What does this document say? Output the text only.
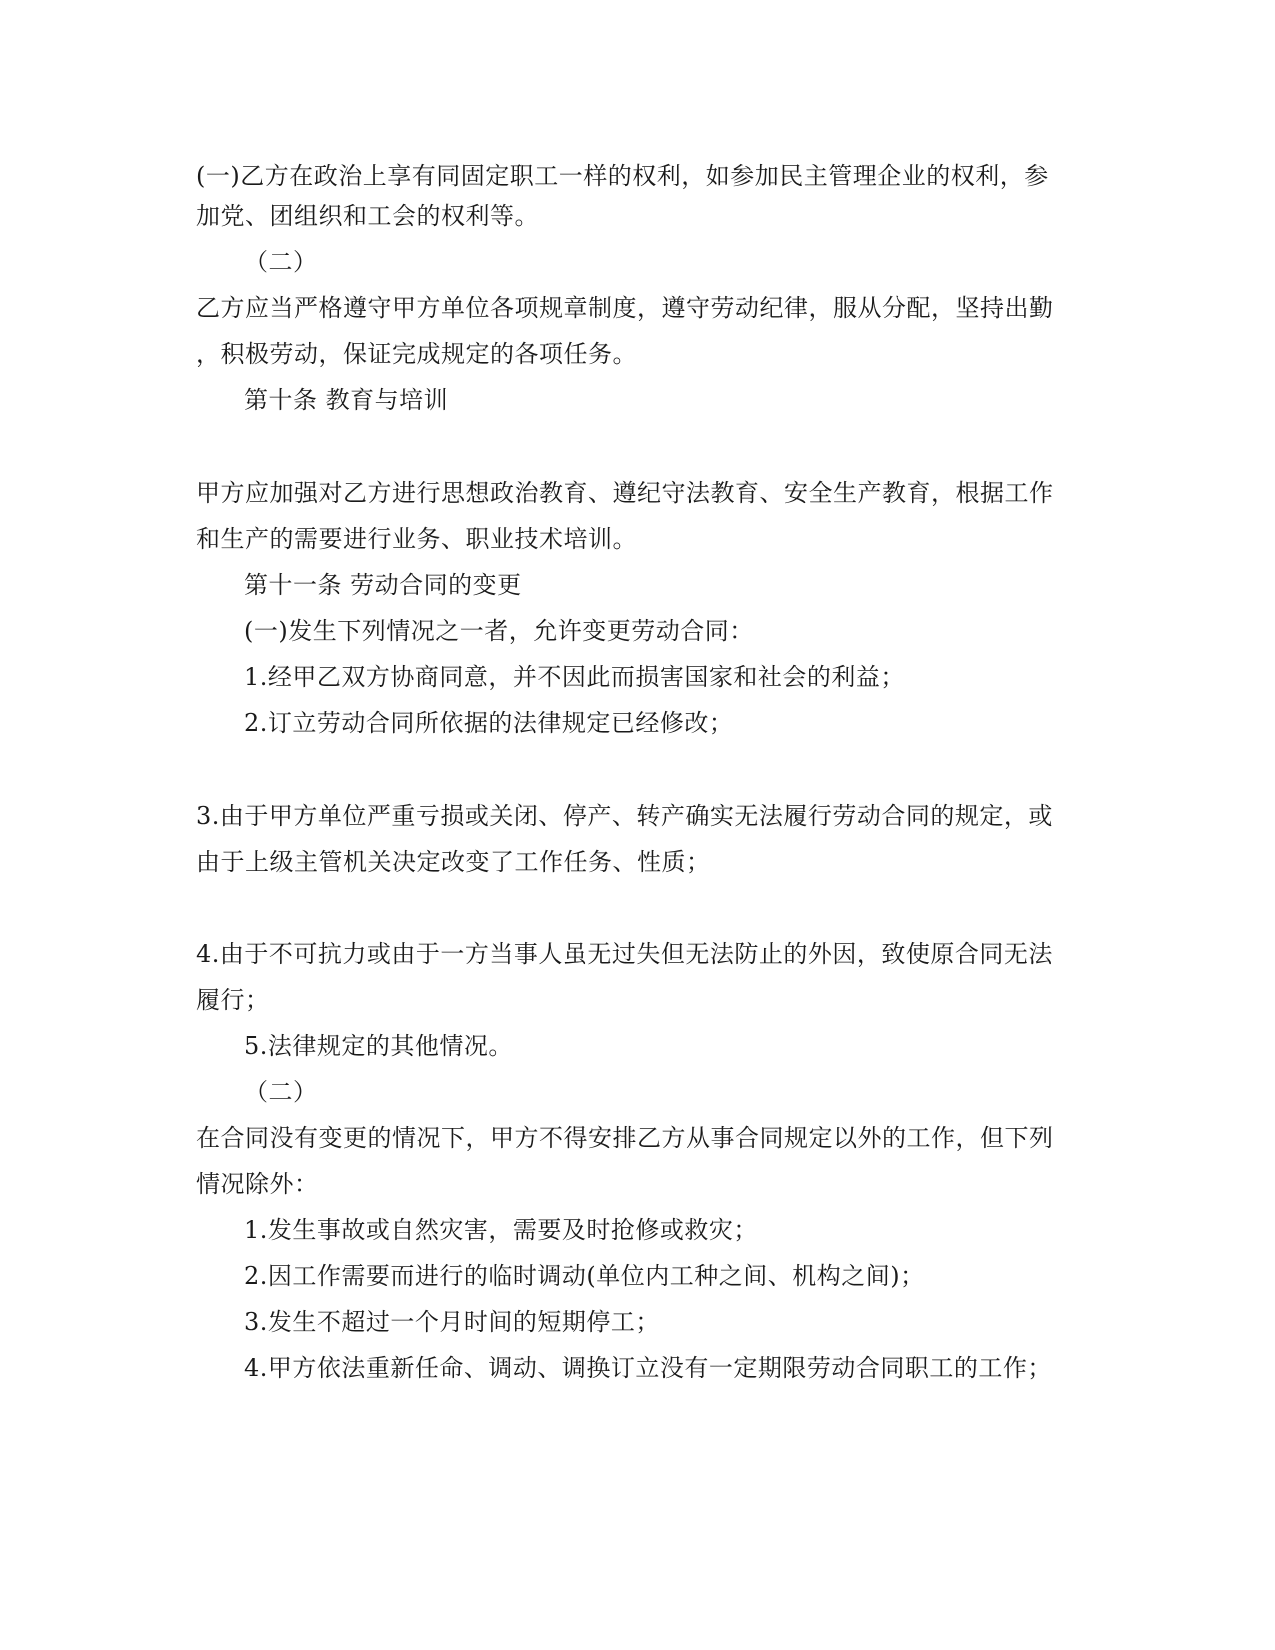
(一)乙方在政治上享有同固定职工一样的权利，如参加民主管理企业的权利，参
加党、团组织和工会的权利等。
（二）
乙方应当严格遵守甲方单位各项规章制度，遵守劳动纪律，服从分配，坚持出勤
，积极劳动，保证完成规定的各项任务。
第十条 教育与培训
甲方应加强对乙方进行思想政治教育、遵纪守法教育、安全生产教育，根据工作
和生产的需要进行业务、职业技术培训。
第十一条 劳动合同的变更
(一)发生下列情况之一者，允许变更劳动合同：
1.经甲乙双方协商同意，并不因此而损害国家和社会的利益；
2.订立劳动合同所依据的法律规定已经修改；
3.由于甲方单位严重亏损或关闭、停产、转产确实无法履行劳动合同的规定，或
由于上级主管机关决定改变了工作任务、性质；
4.由于不可抗力或由于一方当事人虽无过失但无法防止的外因，致使原合同无法
履行；
5.法律规定的其他情况。
（二）
在合同没有变更的情况下，甲方不得安排乙方从事合同规定以外的工作，但下列
情况除外：
1.发生事故或自然灾害，需要及时抢修或救灾；
2.因工作需要而进行的临时调动(单位内工种之间、机构之间)；
3.发生不超过一个月时间的短期停工；
4.甲方依法重新任命、调动、调换订立没有一定期限劳动合同职工的工作；
